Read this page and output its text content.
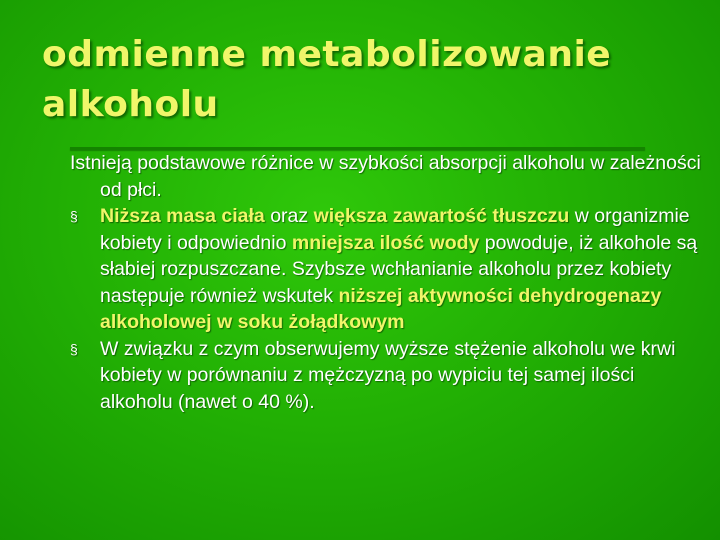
odmienne metabolizowanie alkoholu

Istnieją podstawowe różnice w szybkości absorpcji alkoholu w zależności od płci.

§	Niższa masa ciała oraz większa zawartość tłuszczu w organizmie kobiety i odpowiednio mniejsza ilość wody powoduje, iż alkohole są słabiej rozpuszczane. Szybsze wchłanianie alkoholu przez kobiety następuje również wskutek niższej aktywności dehydrogenazy alkoholowej w soku żołądkowym
§	W związku z czym obserwujemy wyższe stężenie alkoholu we krwi kobiety w porównaniu z mężczyzną po wypiciu tej samej ilości alkoholu (nawet o 40 %).
